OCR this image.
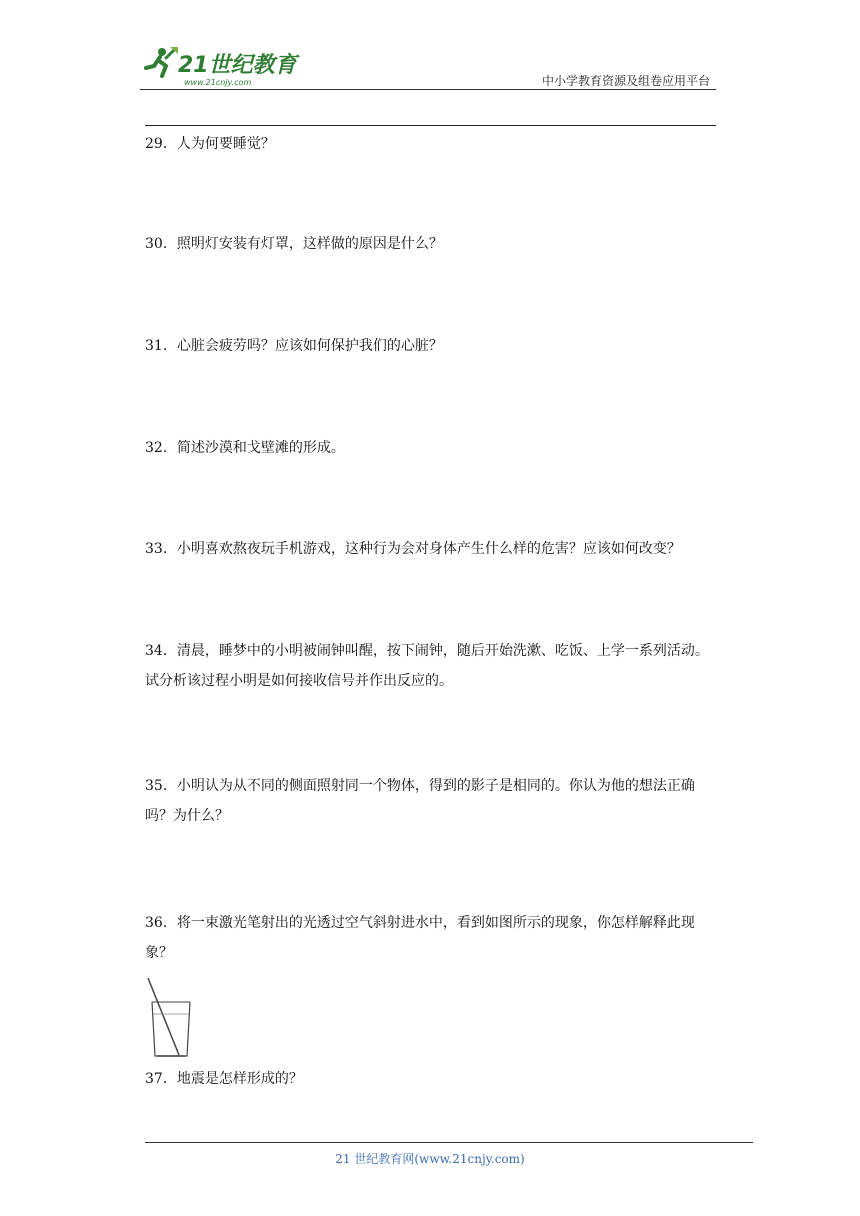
21世纪教育
www.21cnjy.com	中小学教育资源及组卷应用平台
29．人为何要睡觉？
30．照明灯安装有灯罩，这样做的原因是什么？
31．心脏会疲劳吗？应该如何保护我们的心脏？
32．简述沙漠和戈壁滩的形成。
33．小明喜欢熬夜玩手机游戏，这种行为会对身体产生什么样的危害？应该如何改变？
34．清晨，睡梦中的小明被闹钟叫醒，按下闹钟，随后开始洗漱、吃饭、上学一系列活动。试分析该过程小明是如何接收信号并作出反应的。
35．小明认为从不同的侧面照射同一个物体，得到的影子是相同的。你认为他的想法正确吗？为什么？
36．将一束激光笔射出的光透过空气斜射进水中，看到如图所示的现象，你怎样解释此现象？
37．地震是怎样形成的？
21 世纪教育网(www.21cnjy.com)
